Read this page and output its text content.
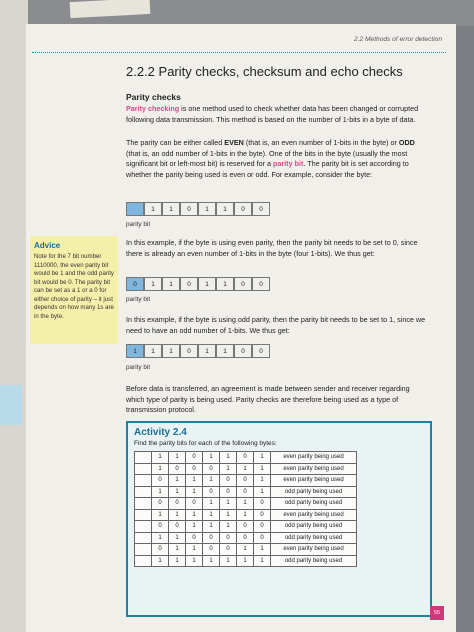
2.2 Methods of error detection
2.2.2 Parity checks, checksum and echo checks
Parity checks
Parity checking is one method used to check whether data has been changed or corrupted following data transmission. This method is based on the number of 1-bits in a byte of data.
The parity can be either called EVEN (that is, an even number of 1-bits in the byte) or ODD (that is, an odd number of 1-bits in the byte). One of the bits in the byte (usually the most significant bit or left-most bit) is reserved for a parity bit. The parity bit is set according to whether the parity being used is even or odd. For example, consider the byte:
1	1	0	1	1	0	0
parity bit
In this example, if the byte is using even parity, then the parity bit needs to be set to 0, since there is already an even number of 1-bits in the byte (four 1-bits). We thus get:
0	1	1	0	1	1	0	0
parity bit
In this example, if the byte is using odd parity, then the parity bit needs to be set to 1, since we need to have an odd number of 1-bits. We thus get:
1	1	1	0	1	1	0	0
parity bit
Before data is transferred, an agreement is made between sender and receiver regarding which type of parity is being used. Parity checks are therefore being used as a type of transmission protocol.
Advice
Note for the 7 bit number 1110000, the even parity bit would be 1 and the odd parity bit would be 0. The parity bit can be set as a 1 or a 0 for either choice of parity – it just depends on how many 1s are in the byte.
Activity 2.4
Find the parity bits for each of the following bytes:
	1	1	0	1	1	0	1	even parity being used
	1	0	0	0	1	1	1	even parity being used
	0	1	1	1	0	0	1	even parity being used
	1	1	1	0	0	0	1	odd parity being used
	0	0	0	1	1	1	0	odd parity being used
	1	1	1	1	1	1	0	even parity being used
	0	0	1	1	1	0	0	odd parity being used
	1	1	0	0	0	0	0	odd parity being used
	0	1	1	0	0	1	1	even parity being used
	1	1	1	1	1	1	1	odd parity being used
55
